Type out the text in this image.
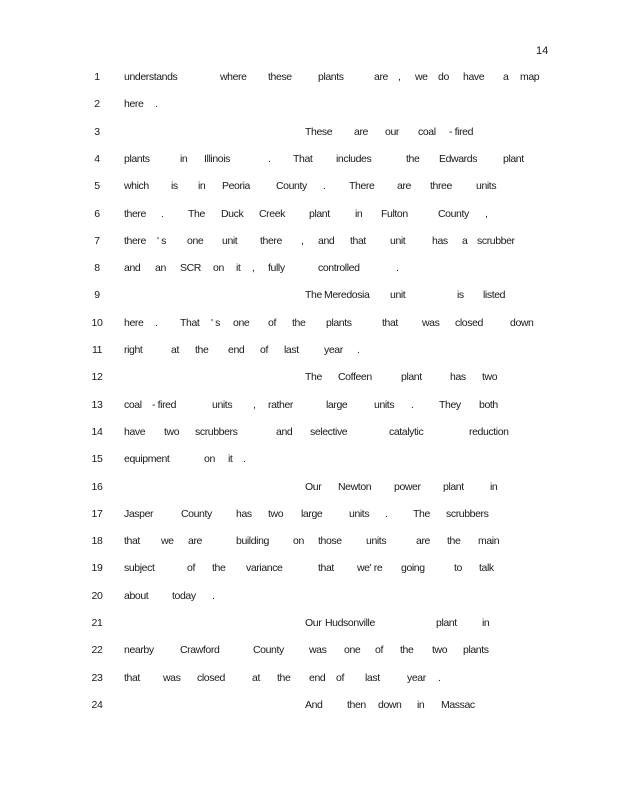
14
1	understands	where these	plants	are , we do have a map
2	here .
3	These are our coal - fired
4	plants	in Illinois	. That includes	the Edwards plant
5	which is in Peoria County . There are three units
6	there . The Duck Creek plant in Fulton	County ,
7	there ' s one unit there , and that unit	has a scrubber
8	and an SCR on it , fully	controlled	.
9	The Meredosia unit	is listed
10 here . That ' s one of the plants	that was closed	down
11 right	at the end of last year .
12	The Coffeen	plant	has two
13 coal - fired	units , rather	large	units . They both
14 have two scrubbers	and selective	catalytic	reduction
15 equipment	on it .
16	Our Newton power plant in
17 Jasper	County has two large	units . The scrubbers
18 that we are	building on those units	are the main
19 subject	of the variance	that we' re going	to talk
20 about today .
21	Our Hudsonville	plant in
22 nearby	Crawford	County was one of the two plants
23 that was closed	at the end of last	year .
24	And then down in Massac
